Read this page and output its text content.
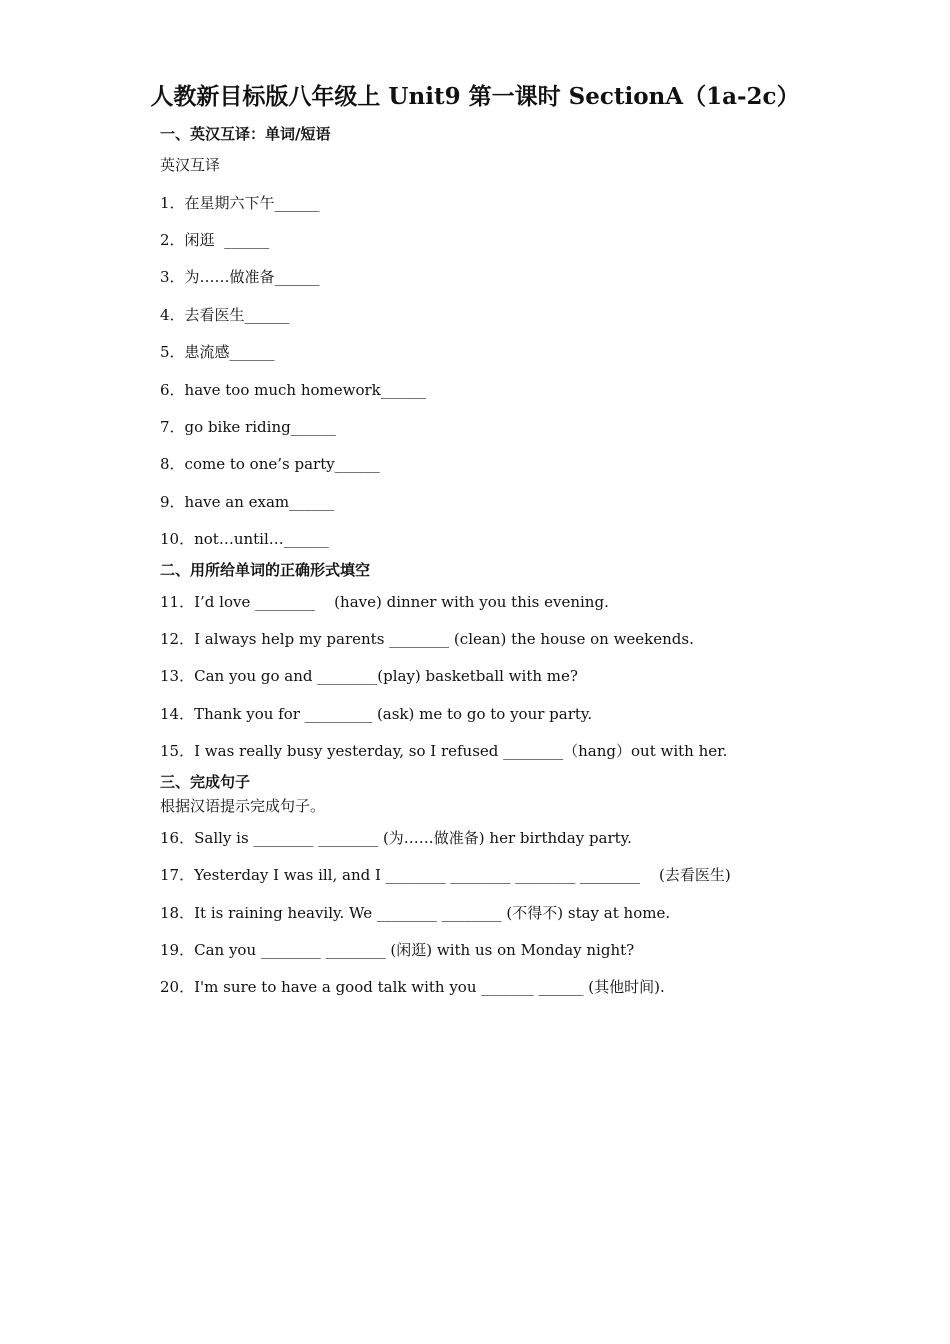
人教新目标版八年级上 Unit9 第一课时 SectionA（1a-2c）
一、英汉互译：单词/短语
英汉互译
1．在星期六下午______
2．闲逛  ______
3．为……做准备______
4．去看医生______
5．患流感______
6．have too much homework______
7．go bike riding______
8．come to one’s party______
9．have an exam______
10．not…until…______
二、用所给单词的正确形式填空
11．I’d love ________    (have) dinner with you this evening.
12．I always help my parents ________ (clean) the house on weekends.
13．Can you go and ________(play) basketball with me?
14．Thank you for _________ (ask) me to go to your party.
15．I was really busy yesterday, so I refused ________（hang）out with her.
三、完成句子
根据汉语提示完成句子。
16．Sally is ________ ________ (为……做准备) her birthday party.
17．Yesterday I was ill, and I ________ ________ ________ ________    (去看医生)
18．It is raining heavily. We ________ ________ (不得不) stay at home.
19．Can you ________ ________ (闲逛) with us on Monday night?
20．I'm sure to have a good talk with you _______ ______ (其他时间).
